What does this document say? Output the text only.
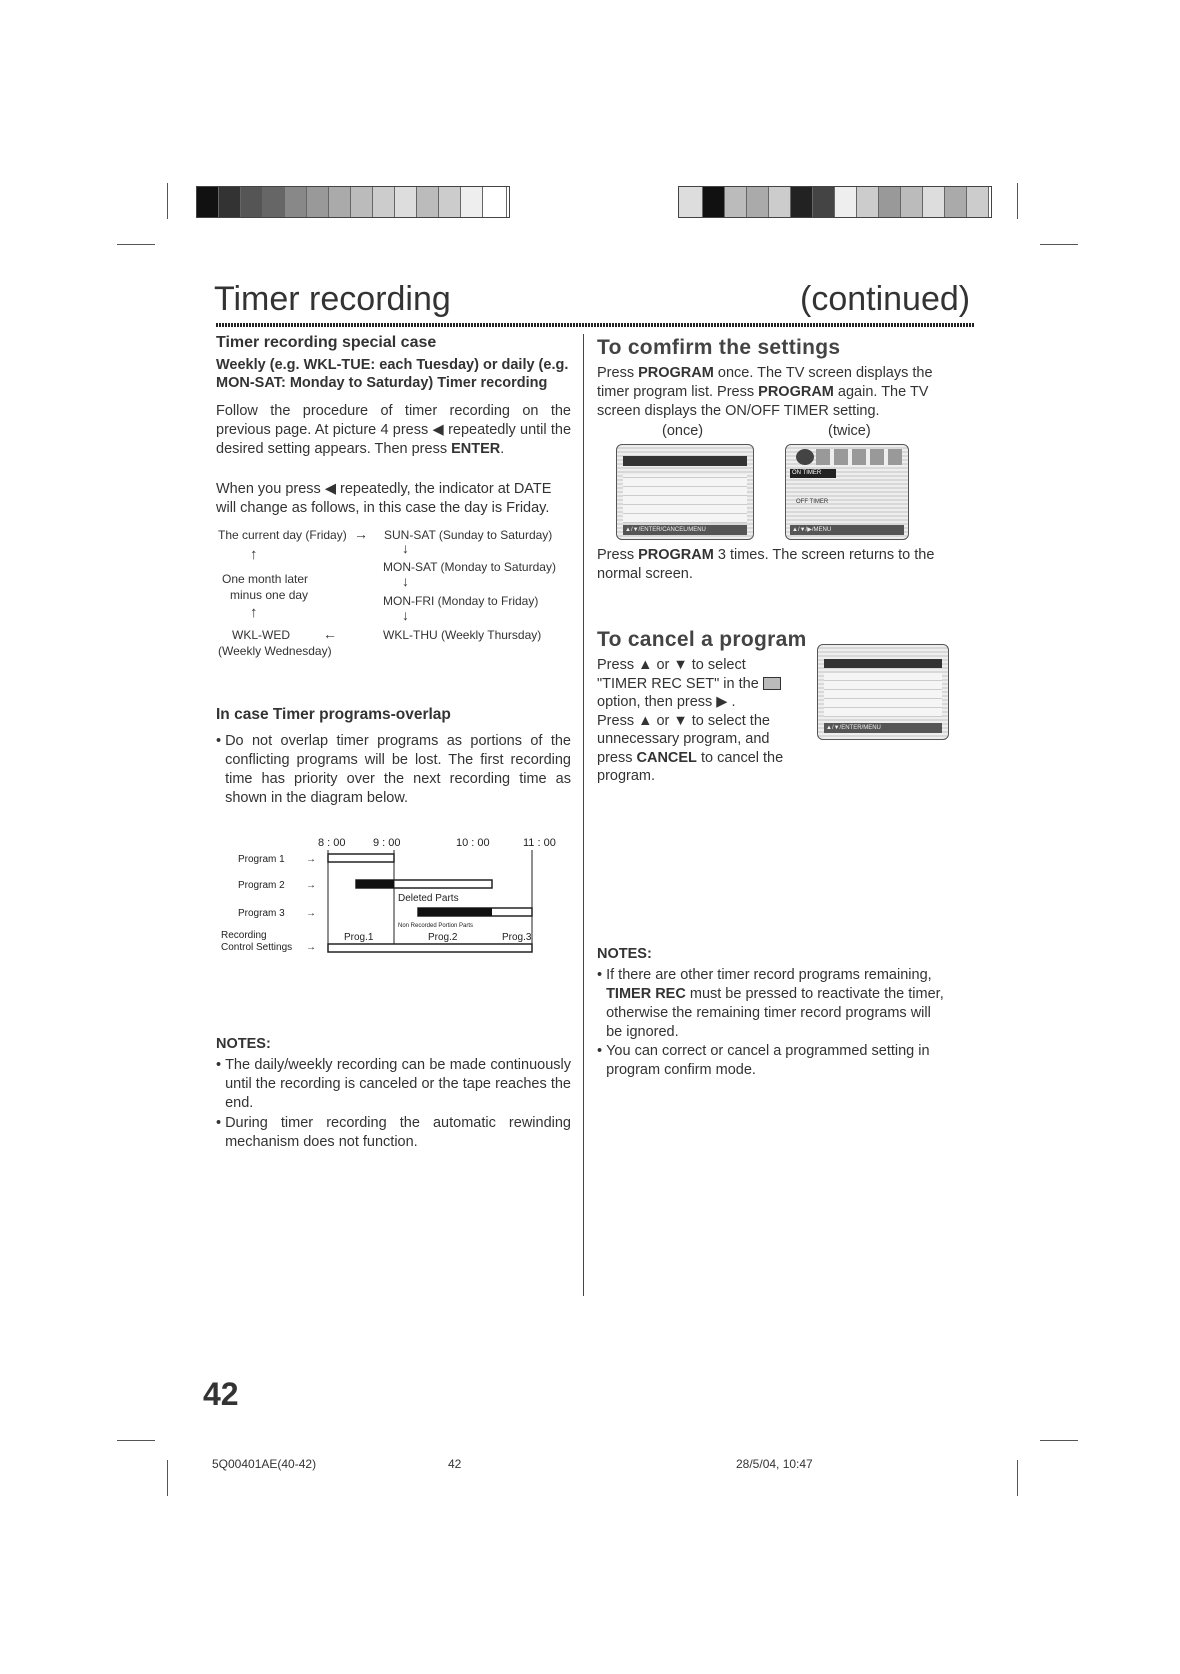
Timer recording	(continued)
Timer recording special case
Weekly (e.g. WKL-TUE: each Tuesday) or daily (e.g. MON-SAT: Monday to Saturday) Timer recording
Follow the procedure of timer recording on the previous page. At picture 4 press ◀ repeatedly until the desired setting appears. Then press ENTER.
When you press ◀ repeatedly, the indicator at DATE will change as follows, in this case the day is Friday.
The current day (Friday) → SUN-SAT (Sunday to Saturday)
↓
MON-SAT (Monday to Saturday)
↓
MON-FRI (Monday to Friday)
↓
WKL-THU (Weekly Thursday)
↑
One month later
minus one day
↑
WKL-WED ←
(Weekly Wednesday)
In case Timer programs-overlap
• Do not overlap timer programs as portions of the conflicting programs will be lost. The first recording time has priority over the next recording time as shown in the diagram below.
8 : 00 9 : 00	10 : 00	11 : 00
Program 1 →
Program 2 →
Deleted Parts
Program 3 →
Non Recorded Portion Parts
Recording
Control Settings →
Prog.1	Prog.2	Prog.3
NOTES:
• The daily/weekly recording can be made continuously until the recording is canceled or the tape reaches the end.
• During timer recording the automatic rewinding mechanism does not function.
To comfirm the settings
Press PROGRAM once. The TV screen displays the timer program list. Press PROGRAM again. The TV screen displays the ON/OFF TIMER setting.
(once)	(twice)
▲/▼/ENTER/CANCEL/MENU
ON TIMER
OFF TIMER
▲/▼/▶/MENU
Press PROGRAM 3 times. The screen returns to the normal screen.
To cancel a program
Press ▲ or ▼ to select
"TIMER REC SET" in the
option, then press ▶ .
Press ▲ or ▼ to select the
unnecessary program, and
press CANCEL to cancel the
program.
▲/▼/ENTER/MENU
NOTES:
• If there are other timer record programs remaining, TIMER REC must be pressed to reactivate the timer, otherwise the remaining timer record programs will be ignored.
• You can correct or cancel a programmed setting in program confirm mode.
42
5Q00401AE(40-42)	42	28/5/04, 10:47
